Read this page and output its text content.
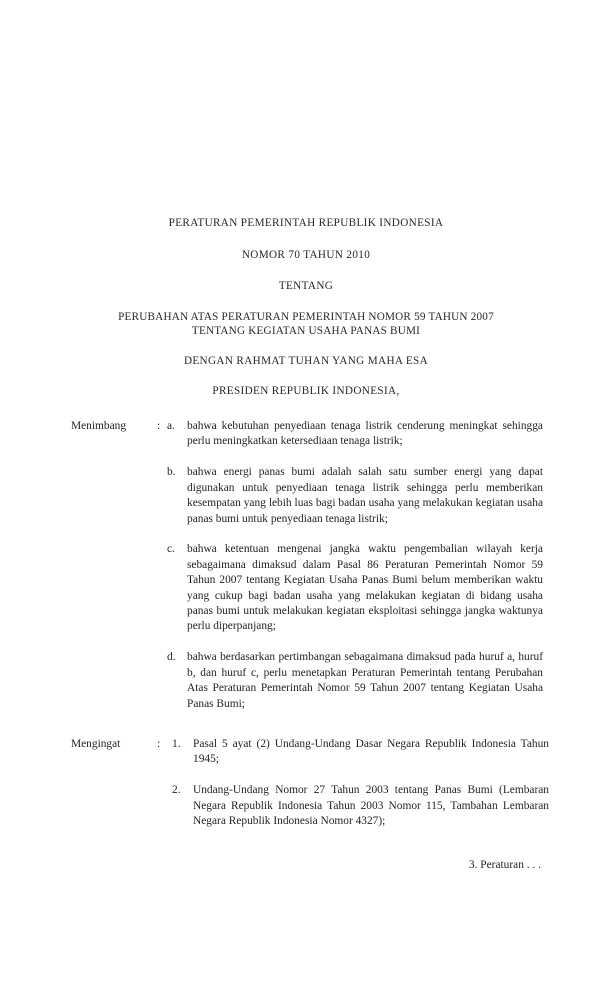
PERATURAN PEMERINTAH REPUBLIK INDONESIA
NOMOR 70 TAHUN 2010
TENTANG
PERUBAHAN ATAS PERATURAN PEMERINTAH NOMOR 59 TAHUN 2007
TENTANG KEGIATAN USAHA PANAS BUMI
DENGAN RAHMAT TUHAN YANG MAHA ESA
PRESIDEN REPUBLIK INDONESIA,
Menimbang	: a.	bahwa kebutuhan penyediaan tenaga listrik cenderung meningkat sehingga perlu meningkatkan ketersediaan tenaga listrik;
b.	bahwa energi panas bumi adalah salah satu sumber energi yang dapat digunakan untuk penyediaan tenaga listrik sehingga perlu memberikan kesempatan yang lebih luas bagi badan usaha yang melakukan kegiatan usaha panas bumi untuk penyediaan tenaga listrik;
c.	bahwa ketentuan mengenai jangka waktu pengembalian wilayah kerja sebagaimana dimaksud dalam Pasal 86 Peraturan Pemerintah Nomor 59 Tahun 2007 tentang Kegiatan Usaha Panas Bumi belum memberikan waktu yang cukup bagi badan usaha yang melakukan kegiatan di bidang usaha panas bumi untuk melakukan kegiatan eksploitasi sehingga jangka waktunya perlu diperpanjang;
d.	bahwa berdasarkan pertimbangan sebagaimana dimaksud pada huruf a, huruf b, dan huruf c, perlu menetapkan Peraturan Pemerintah tentang Perubahan Atas Peraturan Pemerintah Nomor 59 Tahun 2007 tentang Kegiatan Usaha Panas Bumi;
Mengingat	:	1.	Pasal 5 ayat (2) Undang-Undang Dasar Negara Republik Indonesia Tahun 1945;
2.	Undang-Undang Nomor 27 Tahun 2003 tentang Panas Bumi (Lembaran Negara Republik Indonesia Tahun 2003 Nomor 115, Tambahan Lembaran Negara Republik Indonesia Nomor 4327);
3. Peraturan . . .
